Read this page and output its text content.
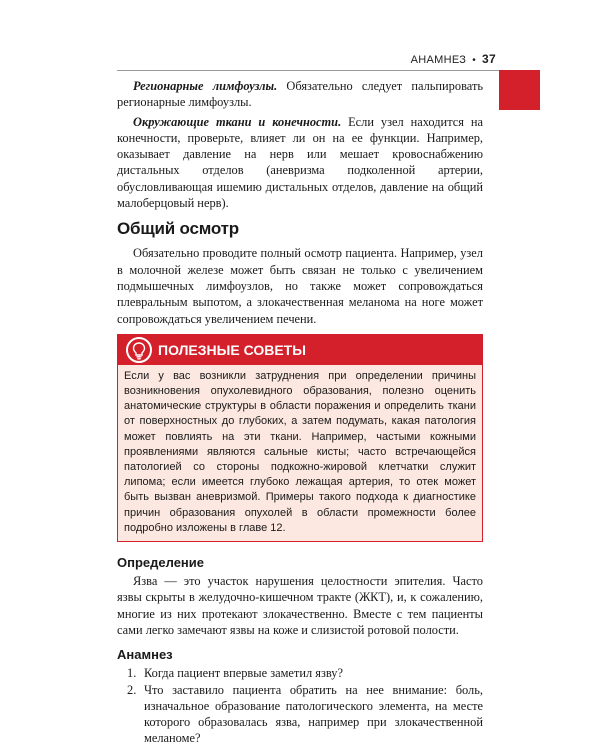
АНАМНЕЗ • 37

Регионарные лимфоузлы. Обязательно следует пальпировать регионарные лимфоузлы.

Окружающие ткани и конечности. Если узел находится на конечности, проверьте, влияет ли он на ее функции. Например, оказывает давление на нерв или мешает кровоснабжению дистальных отделов (аневризма подколенной артерии, обусловливающая ишемию дистальных отделов, давление на общий малоберцовый нерв).

Общий осмотр

Обязательно проводите полный осмотр пациента. Например, узел в молочной железе может быть связан не только с увеличением подмышечных лимфоузлов, но также может сопровождаться плевральным выпотом, а злокачественная меланома на ноге может сопровождаться увеличением печени.

ПОЛЕЗНЫЕ СОВЕТЫ
Если у вас возникли затруднения при определении причины возникновения опухолевидного образования, полезно оценить анатомические структуры в области поражения и определить ткани от поверхностных до глубоких, а затем подумать, какая патология может повлиять на эти ткани. Например, частыми кожными проявлениями являются сальные кисты; часто встречающейся патологией со стороны подкожно-жировой клетчатки служит липома; если имеется глубоко лежащая артерия, то отек может быть вызван аневризмой. Примеры такого подхода к диагностике причин образования опухолей в области промежности более подробно изложены в главе 12.
Определение

Язва — это участок нарушения целостности эпителия. Часто язвы скрыты в желудочно-кишечном тракте (ЖКТ), и, к сожалению, многие из них протекают злокачественно. Вместе с тем пациенты сами легко замечают язвы на коже и слизистой ротовой полости.

Анамнез
1. Когда пациент впервые заметил язву?
2. Что заставило пациента обратить на нее внимание: боль, изначальное образование патологического элемента, на месте которого образовалась язва, например при злокачественной меланоме?
